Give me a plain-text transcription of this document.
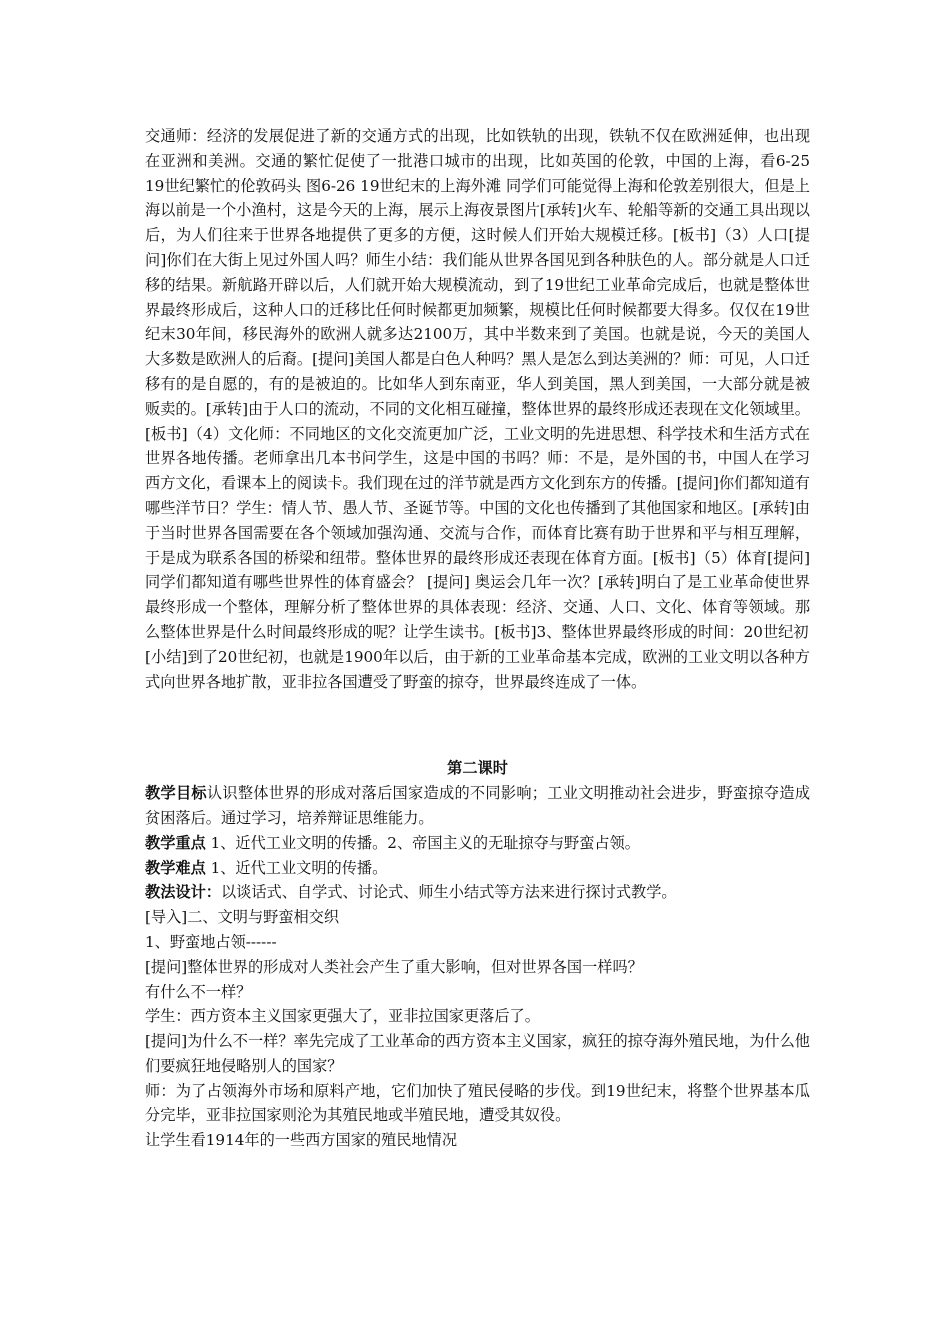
交通师：经济的发展促进了新的交通方式的出现，比如铁轨的出现，铁轨不仅在欧洲延伸，也出现在亚洲和美洲。交通的繁忙促使了一批港口城市的出现，比如英国的伦敦，中国的上海，看6-25 19世纪繁忙的伦敦码头 图6-26 19世纪末的上海外滩 同学们可能觉得上海和伦敦差别很大，但是上海以前是一个小渔村，这是今天的上海，展示上海夜景图片[承转]火车、轮船等新的交通工具出现以后，为人们往来于世界各地提供了更多的方便，这时候人们开始大规模迁移。[板书]（3）人口[提问]你们在大街上见过外国人吗？师生小结：我们能从世界各国见到各种肤色的人。部分就是人口迁移的结果。新航路开辟以后，人们就开始大规模流动，到了19世纪工业革命完成后，也就是整体世界最终形成后，这种人口的迁移比任何时候都更加频繁，规模比任何时候都要大得多。仅仅在19世纪末30年间，移民海外的欧洲人就多达2100万，其中半数来到了美国。也就是说，今天的美国人大多数是欧洲人的后裔。[提问]美国人都是白色人种吗？黑人是怎么到达美洲的？师：可见，人口迁移有的是自愿的，有的是被迫的。比如华人到东南亚，华人到美国，黑人到美国，一大部分就是被贩卖的。[承转]由于人口的流动，不同的文化相互碰撞，整体世界的最终形成还表现在文化领域里。[板书]（4）文化师：不同地区的文化交流更加广泛，工业文明的先进思想、科学技术和生活方式在世界各地传播。老师拿出几本书问学生，这是中国的书吗？师：不是，是外国的书，中国人在学习西方文化，看课本上的阅读卡。我们现在过的洋节就是西方文化到东方的传播。[提问]你们都知道有哪些洋节日？学生：情人节、愚人节、圣诞节等。中国的文化也传播到了其他国家和地区。[承转]由于当时世界各国需要在各个领域加强沟通、交流与合作，而体育比赛有助于世界和平与相互理解，于是成为联系各国的桥梁和纽带。整体世界的最终形成还表现在体育方面。[板书]（5）体育[提问]同学们都知道有哪些世界性的体育盛会？ [提问] 奥运会几年一次？[承转]明白了是工业革命使世界最终形成一个整体，理解分析了整体世界的具体表现：经济、交通、人口、文化、体育等领域。那么整体世界是什么时间最终形成的呢？让学生读书。[板书]3、整体世界最终形成的时间：20世纪初

[小结]到了20世纪初，也就是1900年以后，由于新的工业革命基本完成，欧洲的工业文明以各种方式向世界各地扩散，亚非拉各国遭受了野蛮的掠夺，世界最终连成了一体。

第二课时

教学目标认识整体世界的形成对落后国家造成的不同影响；工业文明推动社会进步，野蛮掠夺造成贫困落后。通过学习，培养辩证思维能力。

教学重点 1、近代工业文明的传播。2、帝国主义的无耻掠夺与野蛮占领。

教学难点 1、近代工业文明的传播。

教法设计：以谈话式、自学式、讨论式、师生小结式等方法来进行探讨式教学。

[导入]二、文明与野蛮相交织

1、野蛮地占领------

[提问]整体世界的形成对人类社会产生了重大影响，但对世界各国一样吗？

有什么不一样？

学生：西方资本主义国家更强大了，亚非拉国家更落后了。

[提问]为什么不一样？率先完成了工业革命的西方资本主义国家，疯狂的掠夺海外殖民地，为什么他们要疯狂地侵略别人的国家？

师：为了占领海外市场和原料产地，它们加快了殖民侵略的步伐。到19世纪末，将整个世界基本瓜分完毕，亚非拉国家则沦为其殖民地或半殖民地，遭受其奴役。

让学生看1914年的一些西方国家的殖民地情况
